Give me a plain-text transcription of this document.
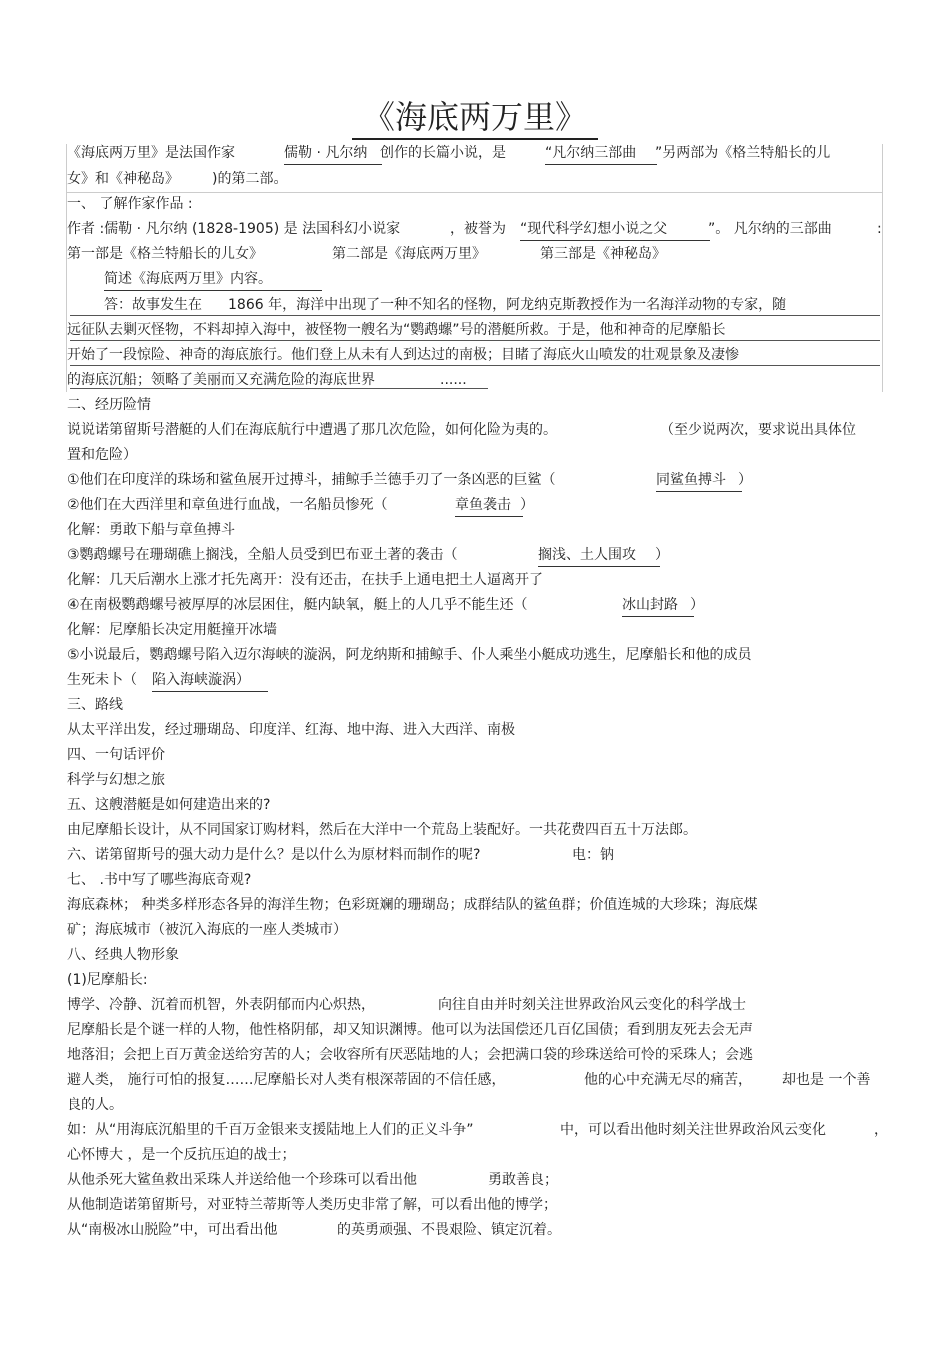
《海底两万里》
《海底两万里》是法国作家	儒勒 · 凡尔纳 创作的长篇小说，是	“凡尔纳三部曲	”另两部为《格兰特船长的儿
女》和《神秘岛》 )的第二部。
一、 了解作家作品 :
作者 :儒勒 · 凡尔纳 (1828-1905) 是 法国科幻小说家	，被誉为 “现代科学幻想小说之父	”。 凡尔纳的三部曲	:
第一部是《格兰特船长的儿女》	第二部是《海底两万里》	第三部是《神秘岛》
简述《海底两万里》内容。
答：故事发生在 1866 年，海洋中出现了一种不知名的怪物，阿龙纳克斯教授作为一名海洋动物的专家，随
远征队去剿灭怪物，不料却掉入海中，被怪物一艘名为“鹦鹉螺”号的潜艇所救。于是，他和神奇的尼摩船长
开始了一段惊险、神奇的海底旅行。他们登上从未有人到达过的南极；目睹了海底火山喷发的壮观景象及凄惨
的海底沉船；领略了美丽而又充满危险的海底世界	......
二、经历险情
说说诺第留斯号潜艇的人们在海底航行中遭遇了那几次危险，如何化险为夷的。	（至少说两次，要求说出具体位
置和危险）
①他们在印度洋的珠场和鲨鱼展开过搏斗，捕鲸手兰德手刃了一条凶恶的巨鲨（	同鲨鱼搏斗 ）
②他们在大西洋里和章鱼进行血战，一名船员惨死（	章鱼袭击 ）
化解：勇敢下船与章鱼搏斗
③鹦鹉螺号在珊瑚礁上搁浅，全船人员受到巴布亚土著的袭击（	搁浅、土人围攻	）
化解：几天后潮水上涨才托先离开：没有还击，在扶手上通电把土人逼离开了
④在南极鹦鹉螺号被厚厚的冰层困住，艇内缺氧，艇上的人几乎不能生还（	冰山封路 ）
化解：尼摩船长决定用艇撞开冰墙
⑤小说最后，鹦鹉螺号陷入迈尔海峡的漩涡，阿龙纳斯和捕鲸手、仆人乘坐小艇成功逃生，尼摩船长和他的成员
生死未卜（ 陷入海峡漩涡）
三、路线
从太平洋出发，经过珊瑚岛、印度洋、红海、地中海、进入大西洋、南极
四、一句话评价
科学与幻想之旅
五、这艘潜艇是如何建造出来的?
由尼摩船长设计，从不同国家订购材料，然后在大洋中一个荒岛上装配好。一共花费四百五十万法郎。
六、诺第留斯号的强大动力是什么？是以什么为原材料而制作的呢?	电：钠
七、 .书中写了哪些海底奇观?
海底森林； 种类多样形态各异的海洋生物；色彩斑斓的珊瑚岛；成群结队的鲨鱼群；价值连城的大珍珠；海底煤
矿；海底城市（被沉入海底的一座人类城市）
八、经典人物形象
(1)尼摩船长:
博学、冷静、沉着而机智，外表阴郁而内心炽热，	向往自由并时刻关注世界政治风云变化的科学战士
尼摩船长是个谜一样的人物，他性格阴郁，却又知识渊博。他可以为法国偿还几百亿国债；看到朋友死去会无声
地落泪；会把上百万黄金送给穷苦的人；会收容所有厌恶陆地的人；会把满口袋的珍珠送给可怜的采珠人；会逃
避人类， 施行可怕的报复……尼摩船长对人类有根深蒂固的不信任感，	他的心中充满无尽的痛苦， 却也是 一个善
良的人。
如：从“用海底沉船里的千百万金银来支援陆地上人们的正义斗争”	中，可以看出他时刻关注世界政治风云变化	，
心怀博大 ，是一个反抗压迫的战士；
从他杀死大鲨鱼救出采珠人并送给他一个珍珠可以看出他	勇敢善良；
从他制造诺第留斯号，对亚特兰蒂斯等人类历史非常了解，可以看出他的博学；
从“南极冰山脱险”中，可出看出他	的英勇顽强、不畏艰险、镇定沉着。
